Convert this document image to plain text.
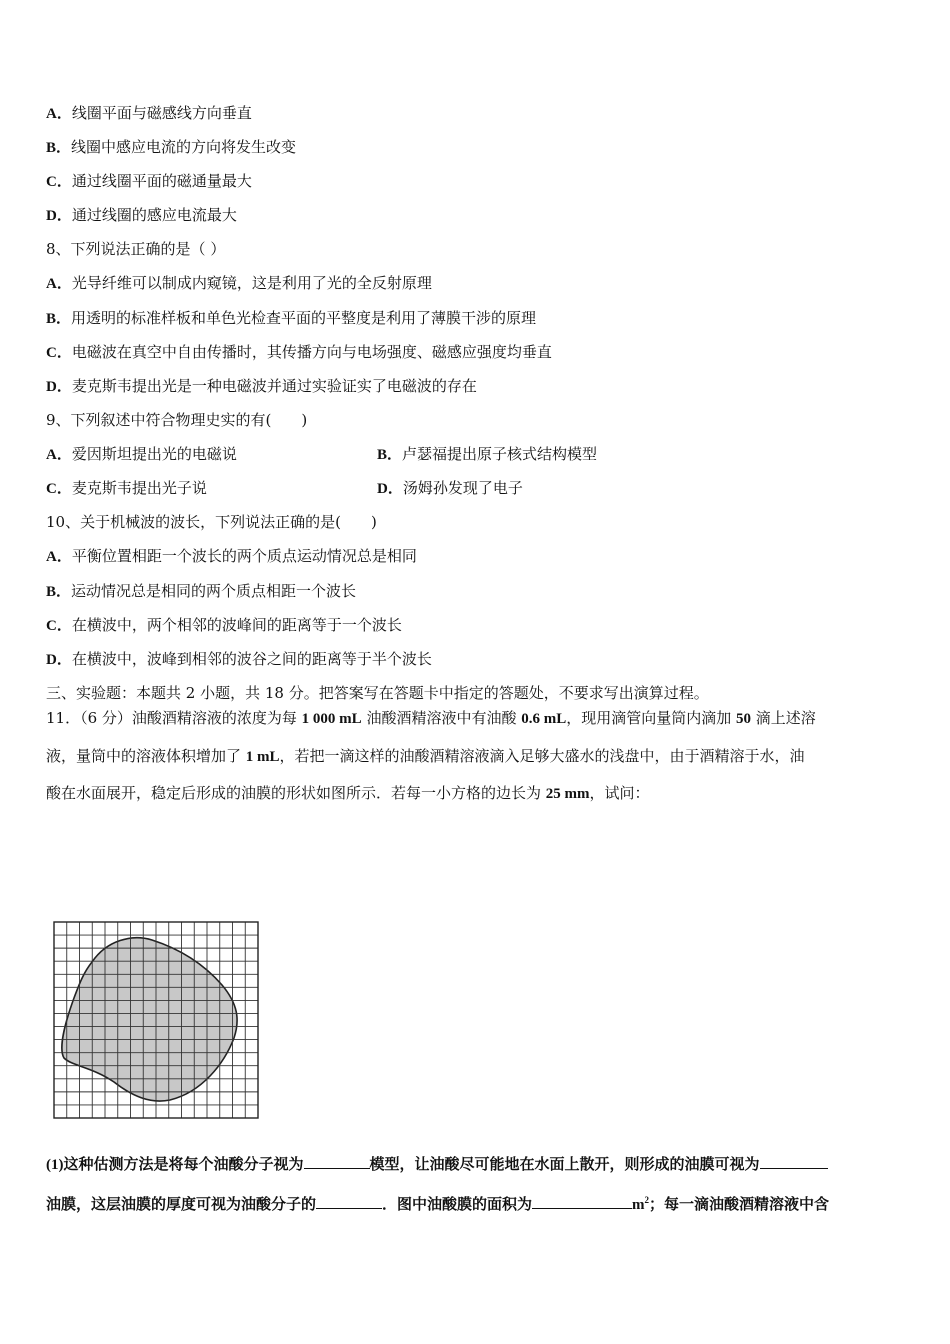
A．线圈平面与磁感线方向垂直
B．线圈中感应电流的方向将发生改变
C．通过线圈平面的磁通量最大
D．通过线圈的感应电流最大
8、下列说法正确的是（ ）
A．光导纤维可以制成内窥镜，这是利用了光的全反射原理
B．用透明的标准样板和单色光检查平面的平整度是利用了薄膜干涉的原理
C．电磁波在真空中自由传播时，其传播方向与电场强度、磁感应强度均垂直
D．麦克斯韦提出光是一种电磁波并通过实验证实了电磁波的存在
9、下列叙述中符合物理史实的有(　　)
A．爱因斯坦提出光的电磁说	B．卢瑟福提出原子核式结构模型
C．麦克斯韦提出光子说	D．汤姆孙发现了电子
10、关于机械波的波长，下列说法正确的是(　　)
A．平衡位置相距一个波长的两个质点运动情况总是相同
B．运动情况总是相同的两个质点相距一个波长
C．在横波中，两个相邻的波峰间的距离等于一个波长
D．在横波中，波峰到相邻的波谷之间的距离等于半个波长
三、实验题：本题共 2 小题，共 18 分。把答案写在答题卡中指定的答题处，不要求写出演算过程。
11．（6 分）油酸酒精溶液的浓度为每 1 000 mL 油酸酒精溶液中有油酸 0.6 mL，现用滴管向量筒内滴加 50 滴上述溶
液，量筒中的溶液体积增加了 1 mL，若把一滴这样的油酸酒精溶液滴入足够大盛水的浅盘中，由于酒精溶于水，油
酸在水面展开，稳定后形成的油膜的形状如图所示．若每一小方格的边长为 25 mm，试问：
(1)这种估测方法是将每个油酸分子视为	模型，让油酸尽可能地在水面上散开，则形成的油膜可视为
油膜，这层油膜的厚度可视为油酸分子的	．图中油酸膜的面积为	$m^2$；每一滴油酸酒精溶液中含
